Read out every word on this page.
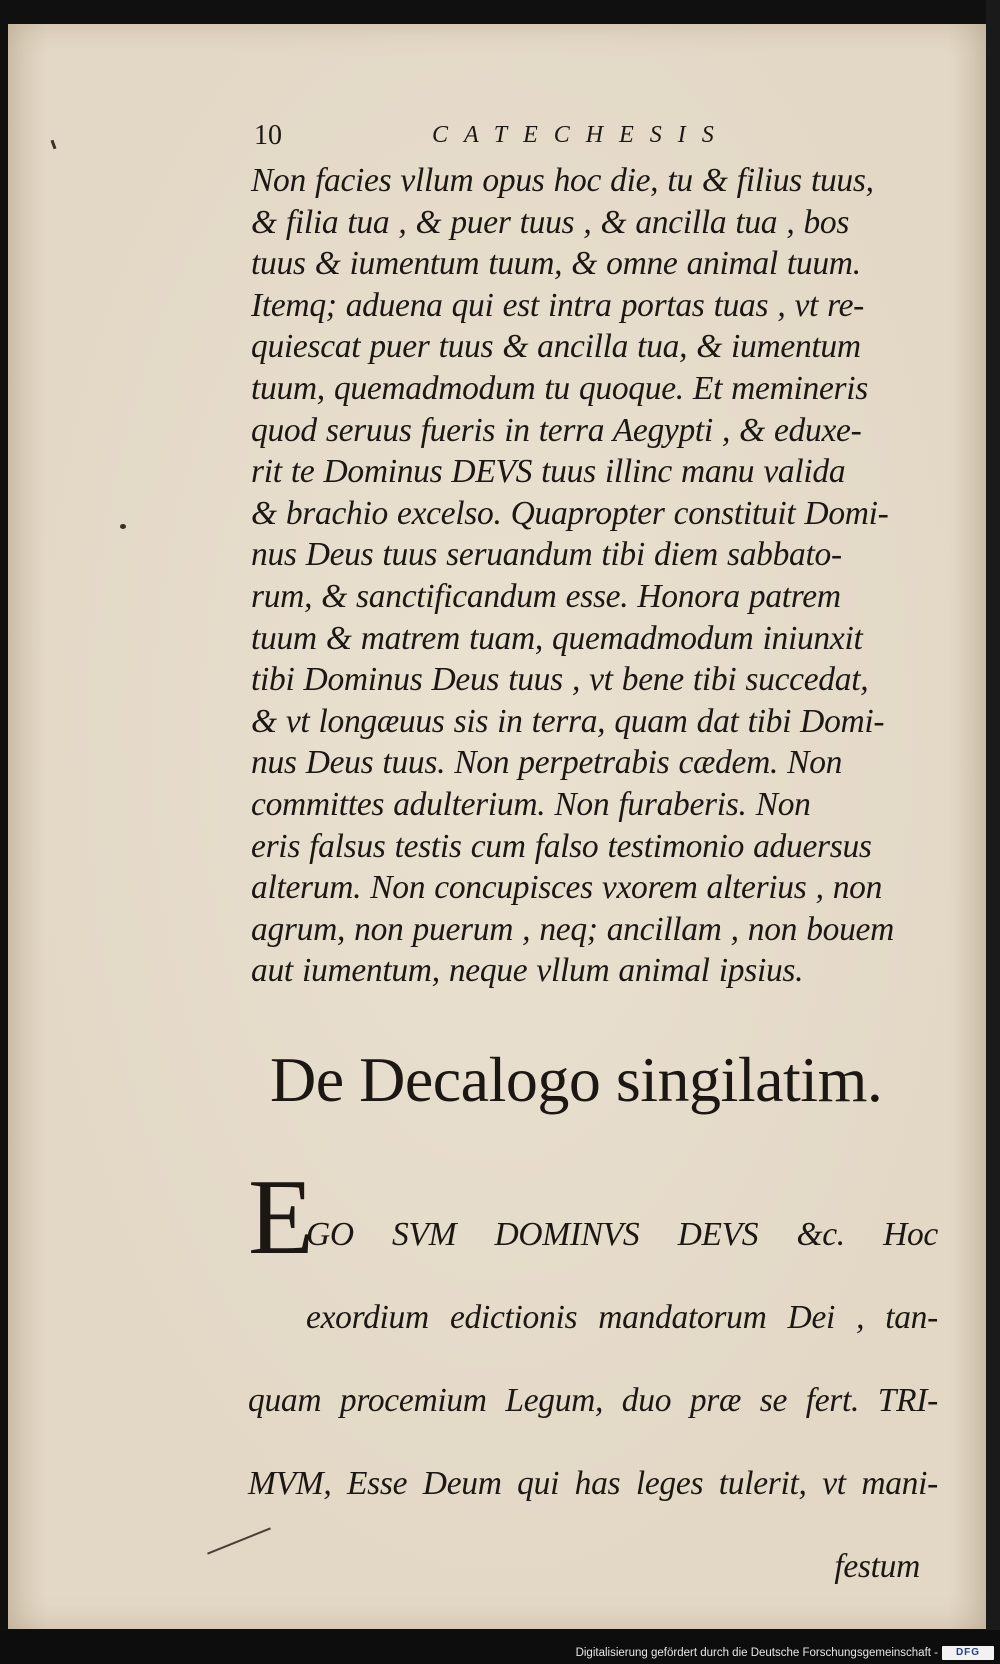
10	CATECHESIS
Non facies vllum opus hoc die, tu & filius tuus,
& filia tua , & puer tuus , & ancilla tua , bos
tuus & iumentum tuum, & omne animal tuum.
Itemq; aduena qui est intra portas tuas , vt re-
quiescat puer tuus & ancilla tua, & iumentum
tuum, quemadmodum tu quoque. Et memineris
quod seruus fueris in terra Aegypti , & eduxe-
rit te Dominus DEVS tuus illinc manu valida
& brachio excelso. Quapropter constituit Domi-
nus Deus tuus seruandum tibi diem sabbato-
rum, & sanctificandum esse. Honora patrem
tuum & matrem tuam, quemadmodum iniunxit
tibi Dominus Deus tuus , vt bene tibi succedat,
& vt longæuus sis in terra, quam dat tibi Domi-
nus Deus tuus. Non perpetrabis cædem. Non
committes adulterium. Non furaberis. Non
eris falsus testis cum falso testimonio aduersus
alterum. Non concupisces vxorem alterius , non
agrum, non puerum , neq; ancillam , non bouem
aut iumentum, neque vllum animal ipsius.
De Decalogo singilatim.
E

GO SVM DOMINVS DEVS &c. Hoc

exordium edictionis mandatorum Dei , tan-

quam procemium Legum, duo præ se fert. TRI-

MVM, Esse Deum qui has leges tulerit, vt mani-

festum

Digitalisierung gefördert durch die Deutsche Forschungsgemeinschaft -	DFG
